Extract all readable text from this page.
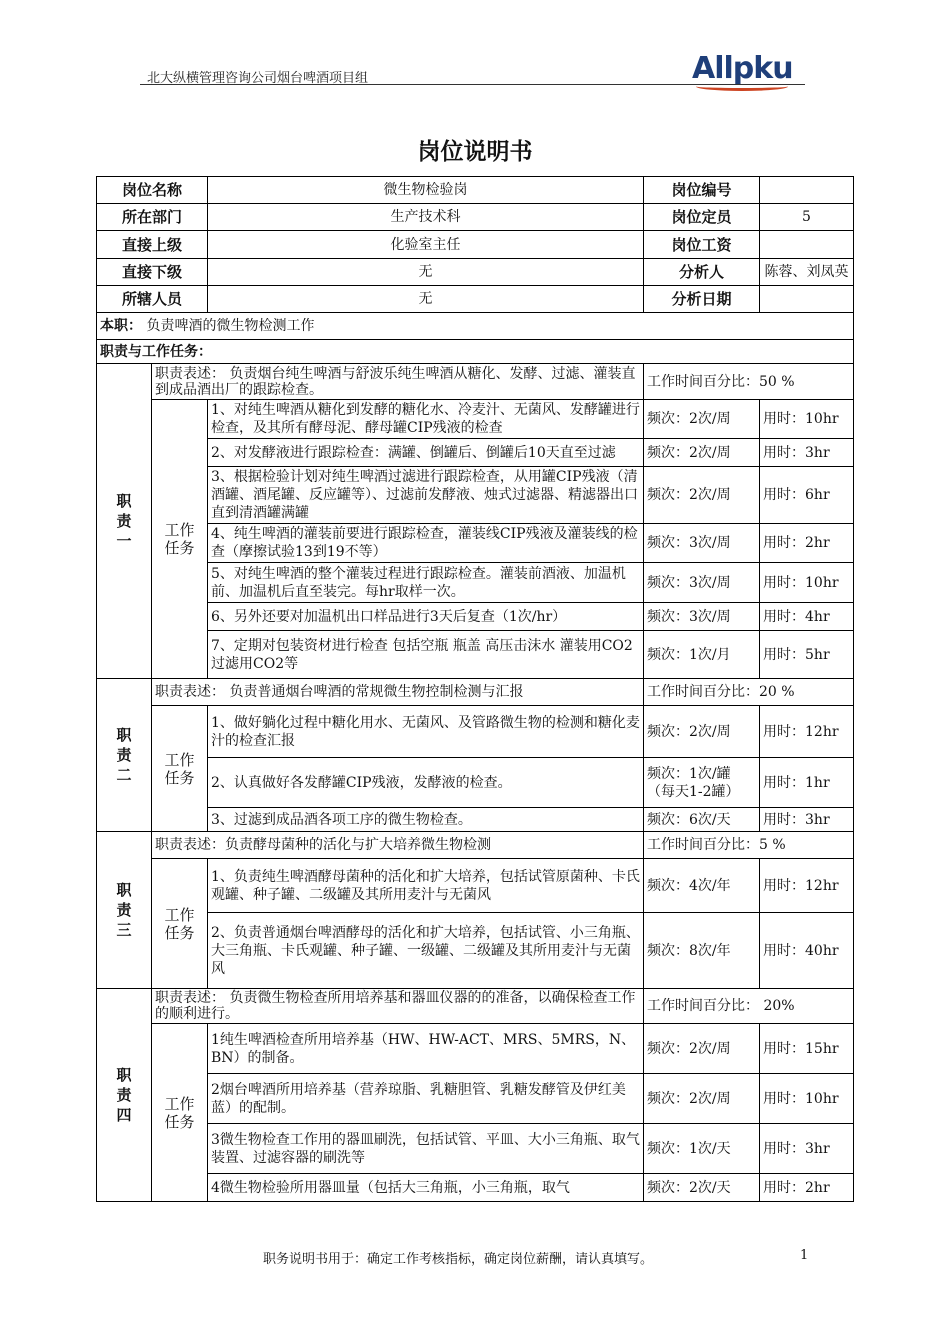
北大纵横管理咨询公司烟台啤酒项目组	Allpku
岗位说明书
岗位名称		微生物检验岗	岗位编号	
所在部门		生产技术科	岗位定员	5
直接上级		化验室主任	岗位工资	
直接下级		无	分析人	陈蓉、刘凤英
所辖人员		无	分析日期	
本职： 负责啤酒的微生物检测工作				
职责与工作任务：				
职责一	职责表述： 负责烟台纯生啤酒与舒波乐纯生啤酒从糖化、发酵、过滤、灌装直到成品酒出厂的跟踪检查。		工作时间百分比：50 %	
	工作任务	1、对纯生啤酒从糖化到发酵的糖化水、冷麦汁、无菌风、发酵罐进行检查，及其所有酵母泥、酵母罐CIP残液的检查	频次：2次/周	用时：10hr
		2、对发酵液进行跟踪检查：满罐、倒罐后、倒罐后10天直至过滤	频次：2次/周	用时：3hr
		3、根据检验计划对纯生啤酒过滤进行跟踪检查，从用罐CIP残液（清酒罐、酒尾罐、反应罐等）、过滤前发酵液、烛式过滤器、精滤器出口直到清酒罐满罐	频次：2次/周	用时：6hr
		4、纯生啤酒的灌装前要进行跟踪检查，灌装线CIP残液及灌装线的检查（摩擦试验13到19不等）	频次：3次/周	用时：2hr
		5、对纯生啤酒的整个灌装过程进行跟踪检查。灌装前酒液、加温机前、加温机后直至装完。每hr取样一次。	频次：3次/周	用时：10hr
		6、另外还要对加温机出口样品进行3天后复查（1次/hr）	频次：3次/周	用时：4hr
		7、定期对包装资材进行检查 包括空瓶 瓶盖 高压击沫水 灌装用CO2 过滤用CO2等	频次：1次/月	用时：5hr
职责二	职责表述： 负责普通烟台啤酒的常规微生物控制检测与汇报		工作时间百分比：20 %	
	工作任务	1、做好躺化过程中糖化用水、无菌风、及管路微生物的检测和糖化麦汁的检查汇报	频次：2次/周	用时：12hr
		2、认真做好各发酵罐CIP残液，发酵液的检查。	频次：1次/罐（每天1-2罐）	用时：1hr
		3、过滤到成品酒各项工序的微生物检查。	频次：6次/天	用时：3hr
职责三	职责表述：负责酵母菌种的活化与扩大培养微生物检测		工作时间百分比：5 %	
	工作任务	1、负责纯生啤酒酵母菌种的活化和扩大培养，包括试管原菌种、卡氏观罐、种子罐、二级罐及其所用麦汁与无菌风	频次：4次/年	用时：12hr
		2、负责普通烟台啤酒酵母的活化和扩大培养，包括试管、小三角瓶、大三角瓶、卡氏观罐、种子罐、一级罐、二级罐及其所用麦汁与无菌风	频次：8次/年	用时：40hr
职责四	职责表述： 负责微生物检查所用培养基和器皿仪器的的准备，以确保检查工作的顺利进行。		工作时间百分比： 20%	
	工作任务	1纯生啤酒检查所用培养基（HW、HW-ACT、MRS、5MRS，N、BN）的制备。	频次：2次/周	用时：15hr
		2烟台啤酒所用培养基（营养琼脂、乳糖胆管、乳糖发酵管及伊红美蓝）的配制。	频次：2次/周	用时：10hr
		3微生物检查工作用的器皿刷洗，包括试管、平皿、大小三角瓶、取气装置、过滤容器的刷洗等	频次：1次/天	用时：3hr
		4微生物检验所用器皿量（包括大三角瓶，小三角瓶，取气	频次：2次/天	用时：2hr
职务说明书用于：确定工作考核指标，确定岗位薪酬，请认真填写。	1
